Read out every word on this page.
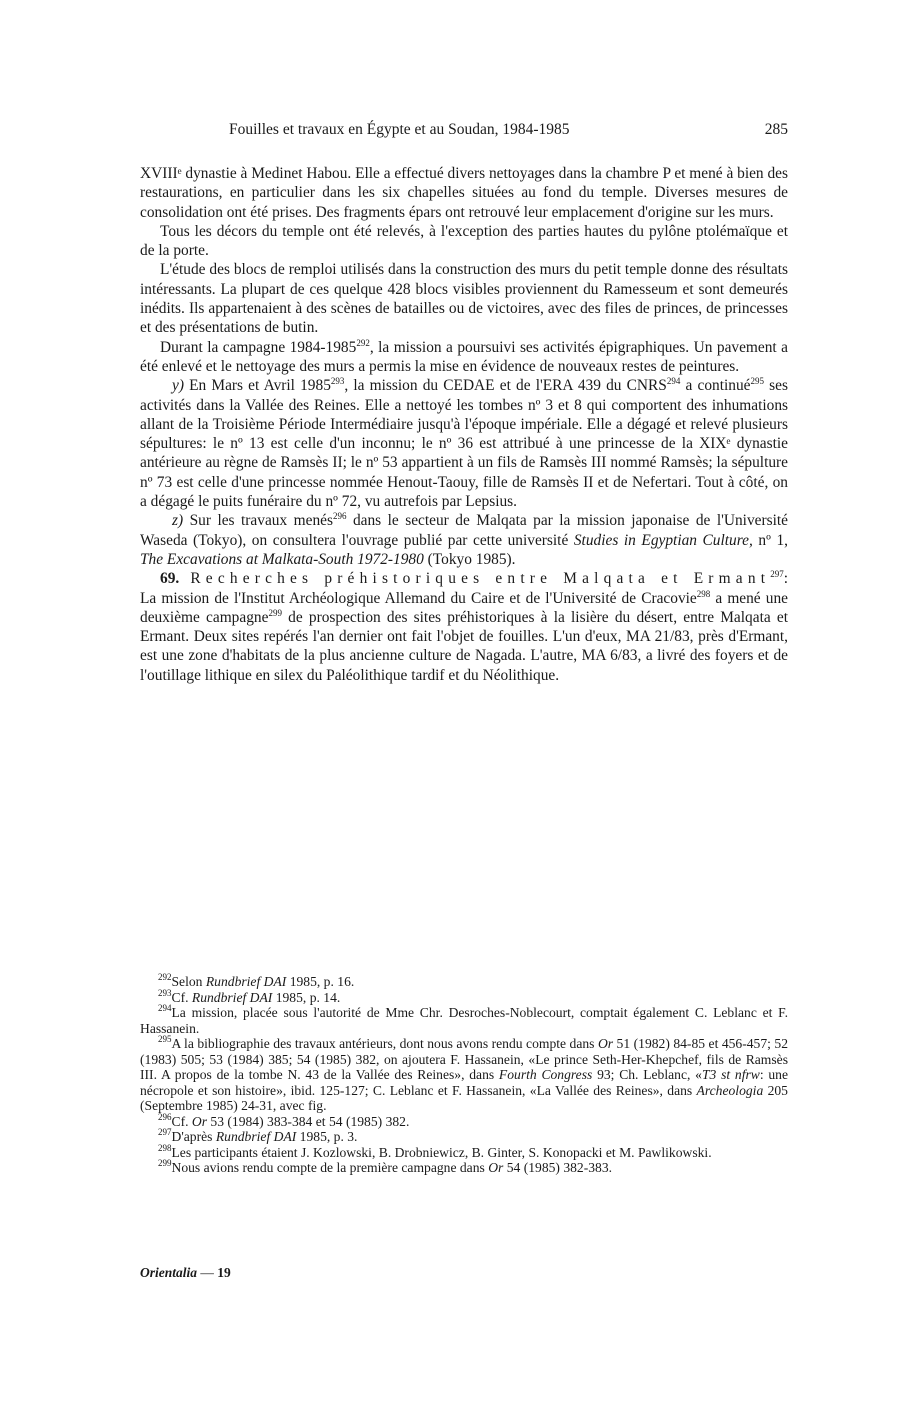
Fouilles et travaux en Égypte et au Soudan, 1984-1985	285

XVIIIᵉ dynastie à Medinet Habou. Elle a effectué divers nettoyages dans la chambre P et mené à bien des restaurations, en particulier dans les six chapelles situées au fond du temple. Diverses mesures de consolidation ont été prises. Des fragments épars ont retrouvé leur emplacement d'origine sur les murs.

Tous les décors du temple ont été relevés, à l'exception des parties hautes du pylône ptolémaïque et de la porte.

L'étude des blocs de remploi utilisés dans la construction des murs du petit temple donne des résultats intéressants. La plupart de ces quelque 428 blocs visibles proviennent du Ramesseum et sont demeurés inédits. Ils appartenaient à des scènes de batailles ou de victoires, avec des files de princes, de princesses et des présentations de butin.

Durant la campagne 1984-1985$^{292}$, la mission a poursuivi ses activités épigraphiques. Un pavement a été enlevé et le nettoyage des murs a permis la mise en évidence de nouveaux restes de peintures.

y) En Mars et Avril 1985$^{293}$, la mission du CEDAE et de l'ERA 439 du CNRS$^{294}$ a continué$^{295}$ ses activités dans la Vallée des Reines. Elle a nettoyé les tombes nº 3 et 8 qui comportent des inhumations allant de la Troisième Période Intermédiaire jusqu'à l'époque impériale. Elle a dégagé et relevé plusieurs sépultures: le nº 13 est celle d'un inconnu; le nº 36 est attribué à une princesse de la XIXᵉ dynastie antérieure au règne de Ramsès II; le nº 53 appartient à un fils de Ramsès III nommé Ramsès; la sépulture nº 73 est celle d'une princesse nommée Henout-Taouy, fille de Ramsès II et de Nefertari. Tout à côté, on a dégagé le puits funéraire du nº 72, vu autrefois par Lepsius.

z) Sur les travaux menés$^{296}$ dans le secteur de Malqata par la mission japonaise de l'Université Waseda (Tokyo), on consultera l'ouvrage publié par cette université Studies in Egyptian Culture, nº 1, The Excavations at Malkata-South 1972-1980 (Tokyo 1985).

69. Recherches préhistoriques entre Malqata et Ermant$^{297}$: La mission de l'Institut Archéologique Allemand du Caire et de l'Université de Cracovie$^{298}$ a mené une deuxième campagne$^{299}$ de prospection des sites préhistoriques à la lisière du désert, entre Malqata et Ermant. Deux sites repérés l'an dernier ont fait l'objet de fouilles. L'un d'eux, MA 21/83, près d'Ermant, est une zone d'habitats de la plus ancienne culture de Nagada. L'autre, MA 6/83, a livré des foyers et de l'outillage lithique en silex du Paléolithique tardif et du Néolithique.

$^{292}$Selon Rundbrief DAI 1985, p. 16.

$^{293}$Cf. Rundbrief DAI 1985, p. 14.

$^{294}$La mission, placée sous l'autorité de Mme Chr. Desroches-Noblecourt, comptait également C. Leblanc et F. Hassanein.

$^{295}$A la bibliographie des travaux antérieurs, dont nous avons rendu compte dans Or 51 (1982) 84-85 et 456-457; 52 (1983) 505; 53 (1984) 385; 54 (1985) 382, on ajoutera F. Hassanein, «Le prince Seth-Her-Khepchef, fils de Ramsès III. A propos de la tombe N. 43 de la Vallée des Reines», dans Fourth Congress 93; Ch. Leblanc, «T3 st nfrw: une nécropole et son histoire», ibid. 125-127; C. Leblanc et F. Hassanein, «La Vallée des Reines», dans Archeologia 205 (Septembre 1985) 24-31, avec fig.

$^{296}$Cf. Or 53 (1984) 383-384 et 54 (1985) 382.

$^{297}$D'après Rundbrief DAI 1985, p. 3.

$^{298}$Les participants étaient J. Kozlowski, B. Drobniewicz, B. Ginter, S. Konopacki et M. Pawlikowski.

$^{299}$Nous avions rendu compte de la première campagne dans Or 54 (1985) 382-383.

Orientalia — 19
